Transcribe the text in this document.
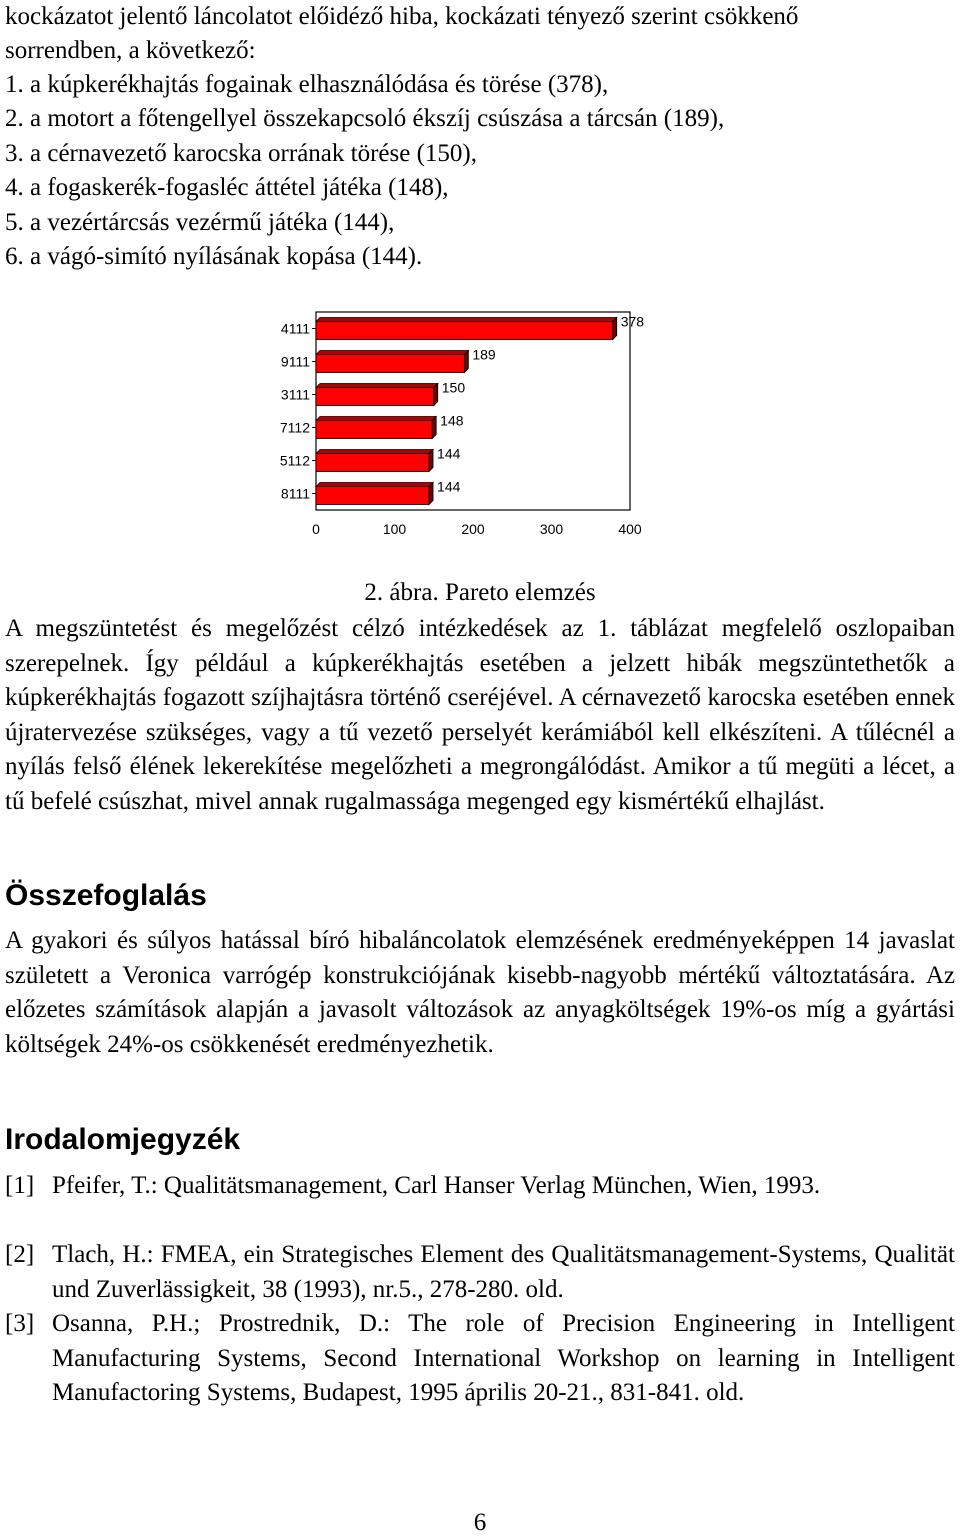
kockázatot jelentő láncolatot előidéző hiba, kockázati tényező szerint csökkenő
sorrendben, a következő:
1. a kúpkerékhajtás fogainak elhasználódása és törése (378),
2. a motort a főtengellyel összekapcsoló ékszíj csúszása a tárcsán (189),
3. a cérnavezető karocska orrának törése (150),
4. a fogaskerék-fogasléc áttétel játéka (148),
5. a vezértárcsás vezérmű játéka (144),
6. a vágó-simító nyílásának kopása (144).
0	100	200	300	400
4111	378
9111	189
3111	150
7112	148
5112	144
8111	144
2. ábra. Pareto elemzés

A megszüntetést és megelőzést célzó intézkedések az 1. táblázat megfelelő oszlopaiban szerepelnek. Így például a kúpkerékhajtás esetében a jelzett hibák megszüntethetők a kúpkerékhajtás fogazott szíjhajtásra történő cseréjével. A cérnavezető karocska esetében ennek újratervezése szükséges, vagy a tű vezető perselyét kerámiából kell elkészíteni. A tűlécnél a nyílás felső élének lekerekítése megelőzheti a megrongálódást. Amikor a tű megüti a lécet, a tű befelé csúszhat, mivel annak rugalmassága megenged egy kismértékű elhajlást.

Összefoglalás

A gyakori és súlyos hatással bíró hibaláncolatok elemzésének eredményeképpen 14 javaslat született a Veronica varrógép konstrukciójának kisebb-nagyobb mértékű változtatására. Az előzetes számítások alapján a javasolt változások az anyagköltségek 19%-os míg a gyártási költségek 24%-os csökkenését eredményezhetik.

Irodalomjegyzék
[1] Pfeifer, T.: Qualitätsmanagement, Carl Hanser Verlag München, Wien, 1993.
[2] Tlach, H.: FMEA, ein Strategisches Element des Qualitätsmanagement-Systems, Qualität und Zuverlässigkeit, 38 (1993), nr.5., 278-280. old.
[3] Osanna, P.H.; Prostrednik, D.: The role of Precision Engineering in Intelligent Manufacturing Systems, Second International Workshop on learning in Intelligent Manufactoring Systems, Budapest, 1995 április 20-21., 831-841. old.
6
